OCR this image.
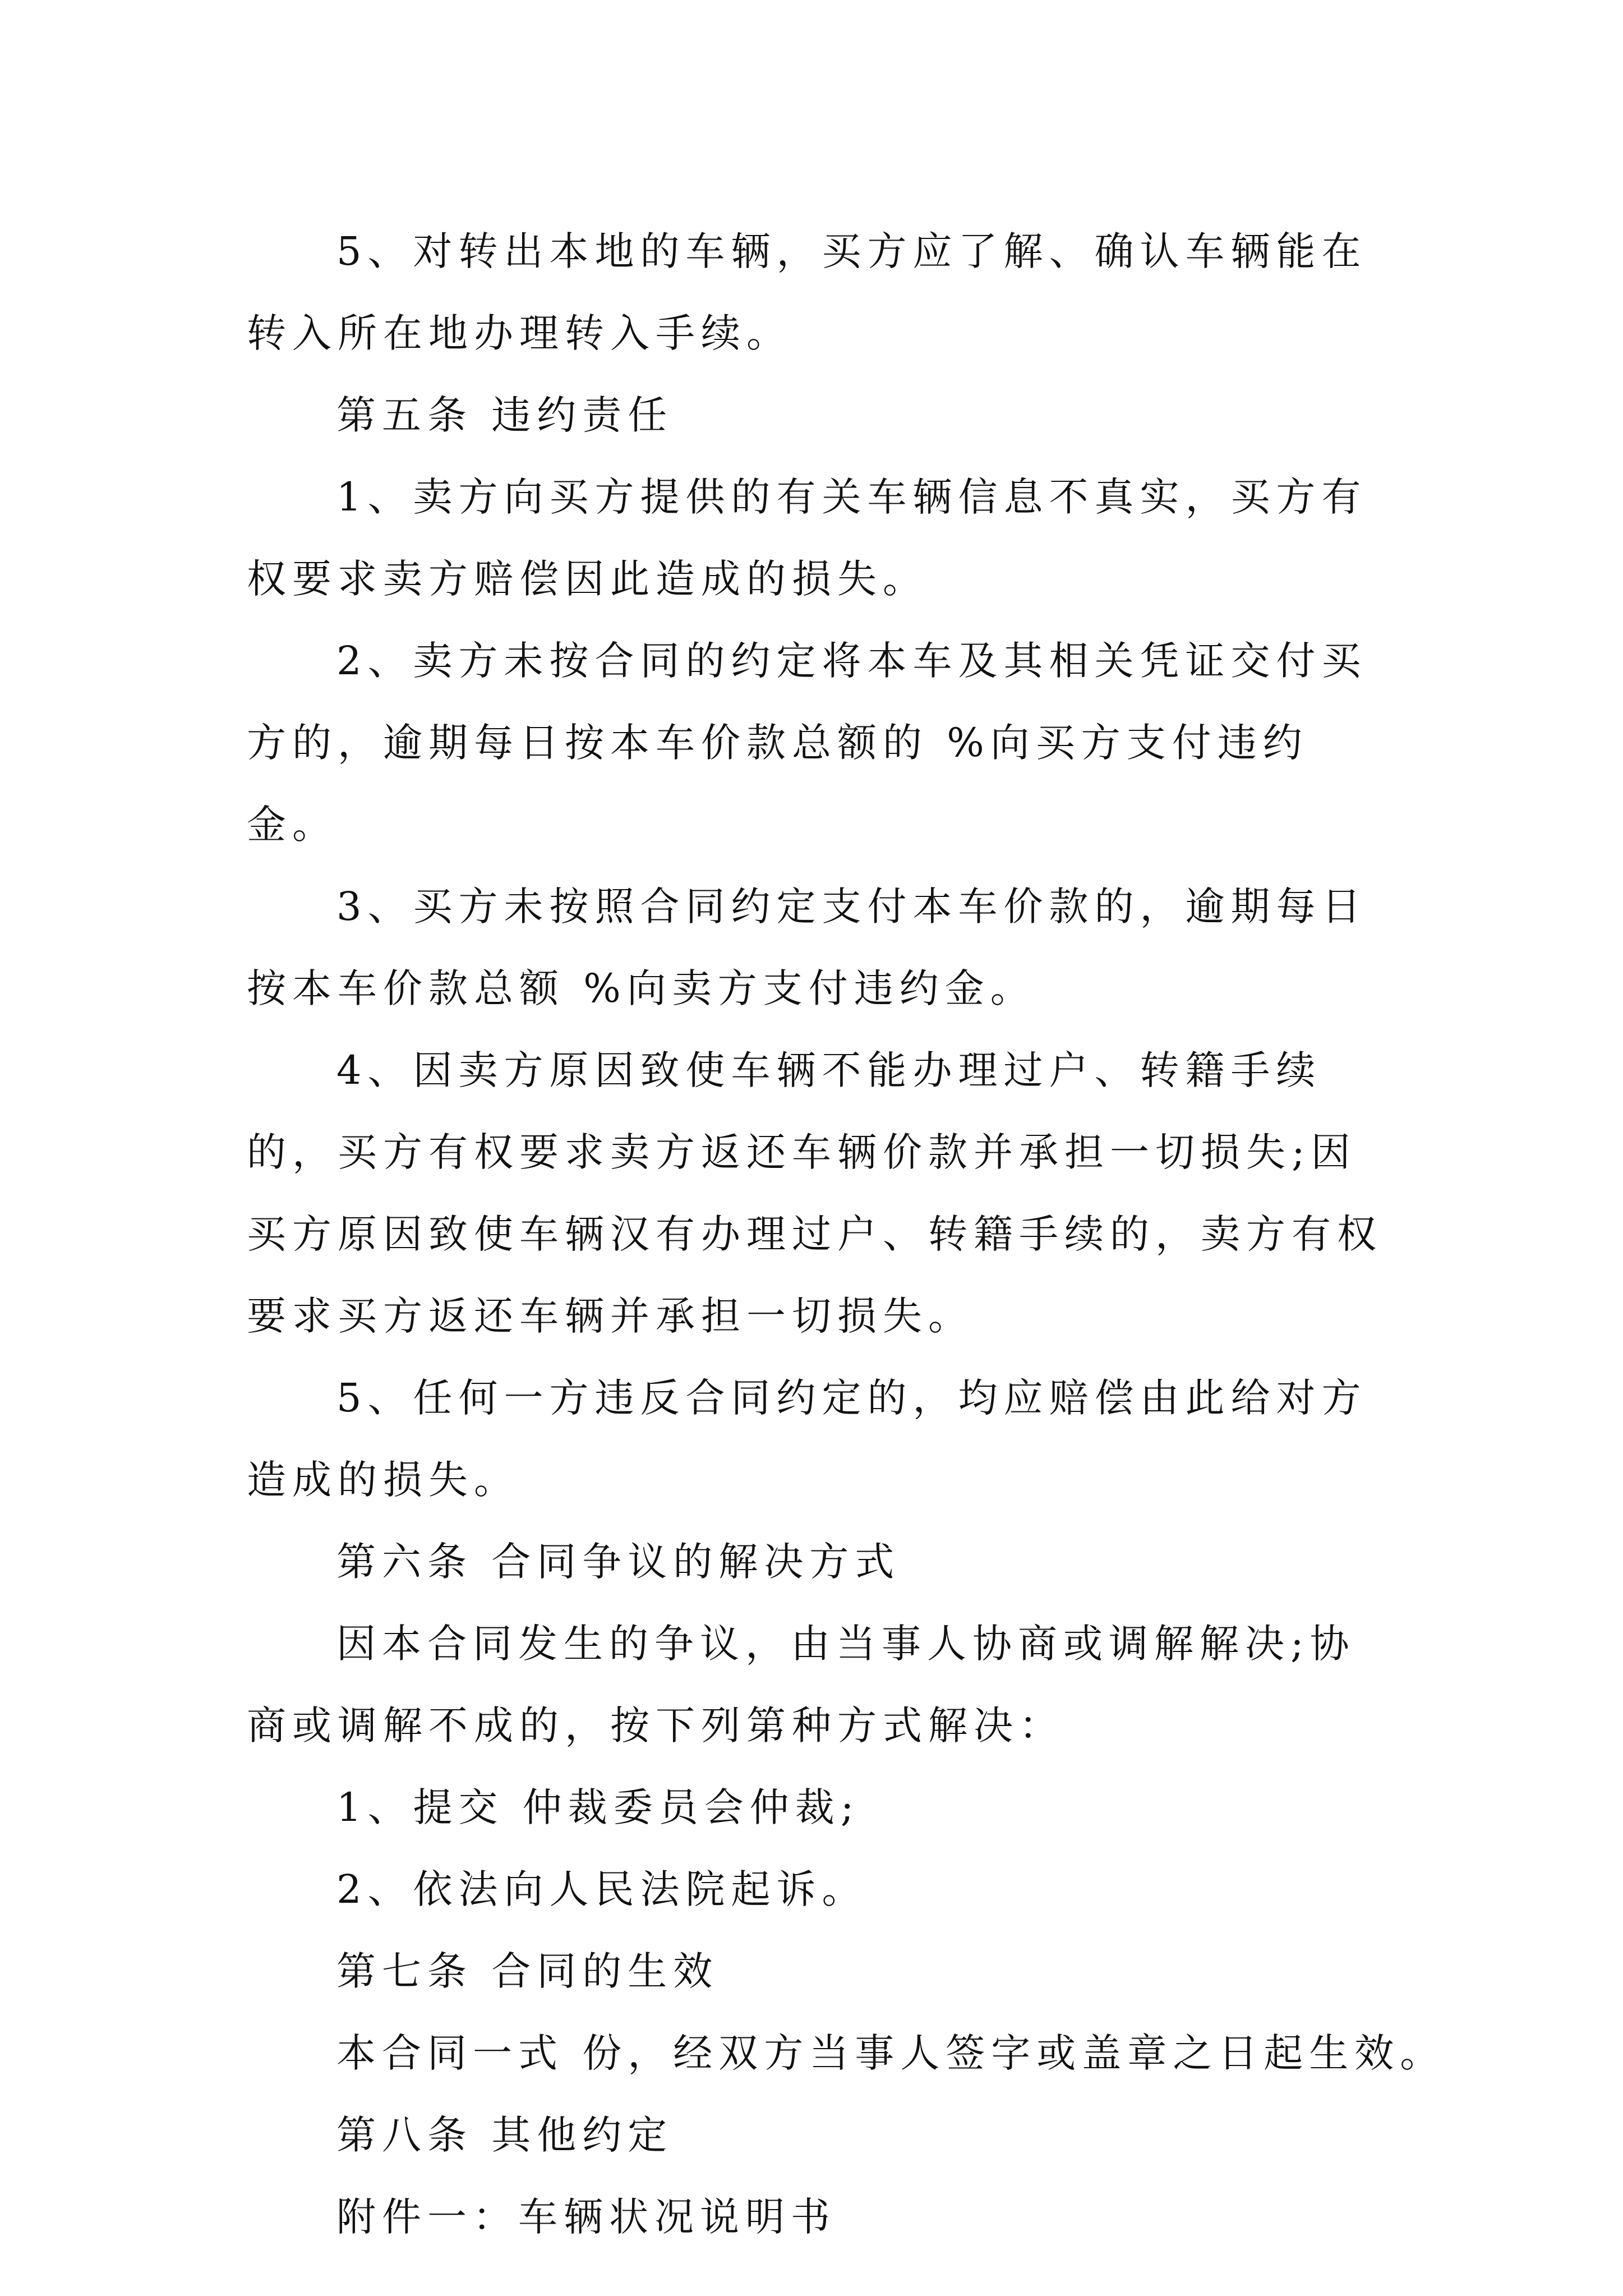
5、对转出本地的车辆，买方应了解、确认车辆能在转入所在地办理转入手续。

第五条 违约责任

1、卖方向买方提供的有关车辆信息不真实，买方有权要求卖方赔偿因此造成的损失。

2、卖方未按合同的约定将本车及其相关凭证交付买方的，逾期每日按本车价款总额的 %向买方支付违约金。

3、买方未按照合同约定支付本车价款的，逾期每日按本车价款总额 %向卖方支付违约金。

4、因卖方原因致使车辆不能办理过户、转籍手续的，买方有权要求卖方返还车辆价款并承担一切损失;因买方原因致使车辆汉有办理过户、转籍手续的，卖方有权要求买方返还车辆并承担一切损失。

5、任何一方违反合同约定的，均应赔偿由此给对方造成的损失。

第六条 合同争议的解决方式

因本合同发生的争议，由当事人协商或调解解决;协商或调解不成的，按下列第种方式解决：

1、提交 仲裁委员会仲裁;

2、依法向人民法院起诉。

第七条 合同的生效

本合同一式 份，经双方当事人签字或盖章之日起生效。

第八条 其他约定

附件一：车辆状况说明书
